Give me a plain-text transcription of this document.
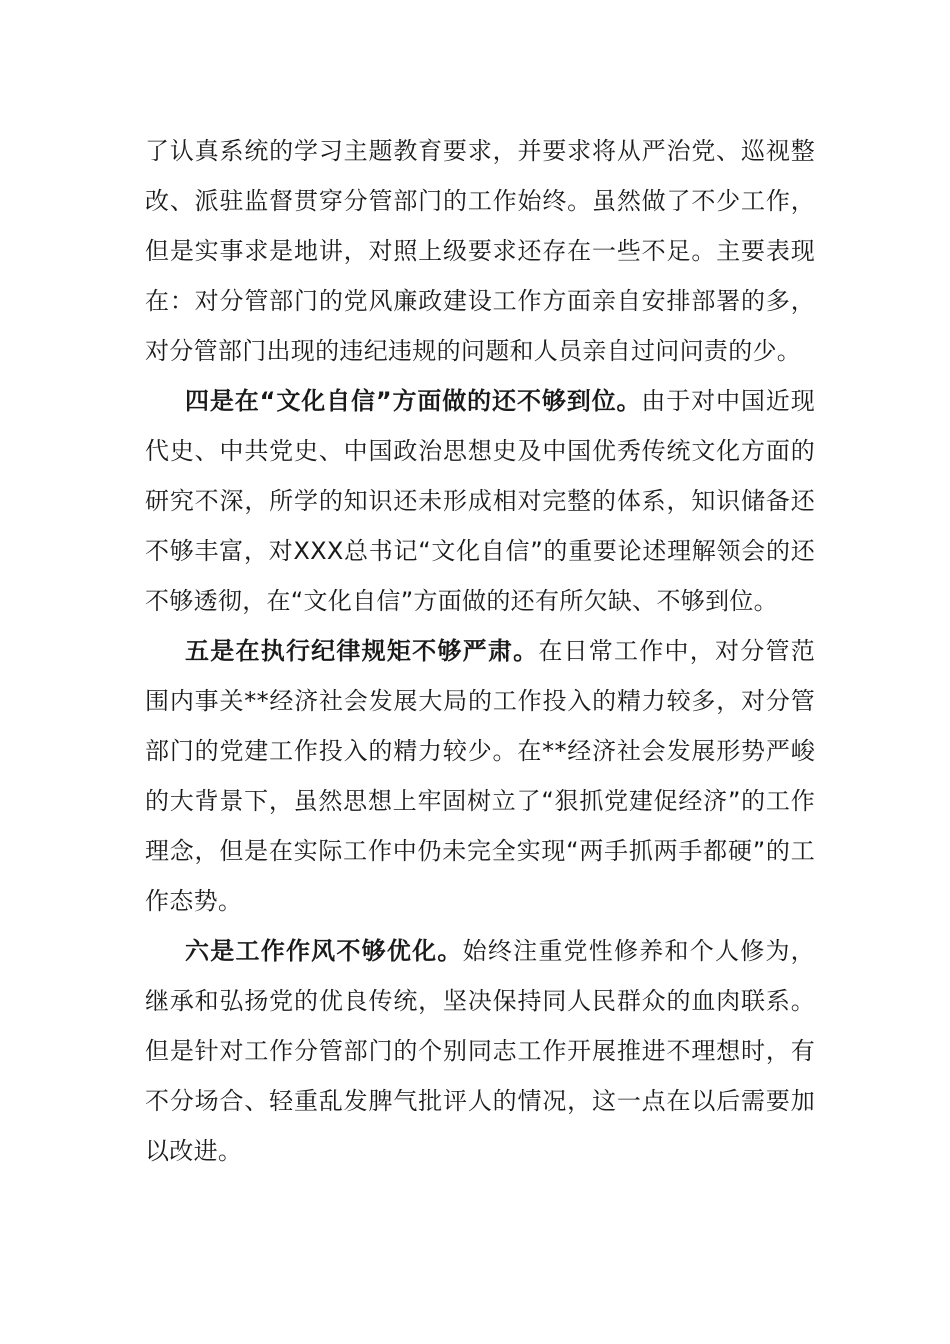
了认真系统的学习主题教育要求，并要求将从严治党、巡视整改、派驻监督贯穿分管部门的工作始终。虽然做了不少工作，但是实事求是地讲，对照上级要求还存在一些不足。主要表现在：对分管部门的党风廉政建设工作方面亲自安排部署的多，对分管部门出现的违纪违规的问题和人员亲自过问问责的少。

四是在“文化自信”方面做的还不够到位。由于对中国近现代史、中共党史、中国政治思想史及中国优秀传统文化方面的研究不深，所学的知识还未形成相对完整的体系，知识储备还不够丰富，对XXX总书记“文化自信”的重要论述理解领会的还不够透彻，在“文化自信”方面做的还有所欠缺、不够到位。

五是在执行纪律规矩不够严肃。在日常工作中，对分管范围内事关**经济社会发展大局的工作投入的精力较多，对分管部门的党建工作投入的精力较少。在**经济社会发展形势严峻的大背景下，虽然思想上牢固树立了“狠抓党建促经济”的工作理念，但是在实际工作中仍未完全实现“两手抓两手都硬”的工作态势。

六是工作作风不够优化。始终注重党性修养和个人修为，继承和弘扬党的优良传统，坚决保持同人民群众的血肉联系。但是针对工作分管部门的个别同志工作开展推进不理想时，有不分场合、轻重乱发脾气批评人的情况，这一点在以后需要加以改进。
